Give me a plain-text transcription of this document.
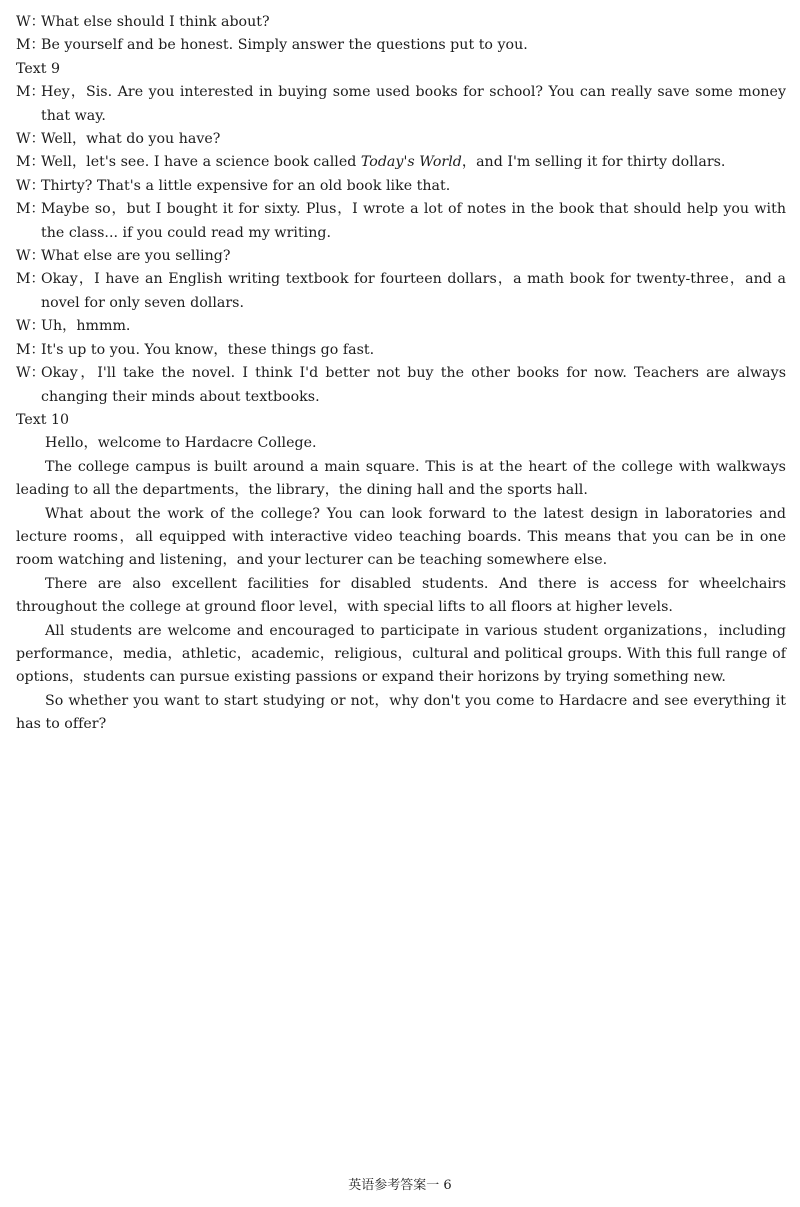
W：What else should I think about?
M：Be yourself and be honest. Simply answer the questions put to you.
Text 9
M：Hey，Sis. Are you interested in buying some used books for school? You can really save some money that way.
W：Well，what do you have?
M：Well，let's see. I have a science book called Today's World，and I'm selling it for thirty dollars.
W：Thirty? That's a little expensive for an old book like that.
M：Maybe so，but I bought it for sixty. Plus，I wrote a lot of notes in the book that should help you with the class... if you could read my writing.
W：What else are you selling?
M：Okay，I have an English writing textbook for fourteen dollars，a math book for twenty-three，and a novel for only seven dollars.
W：Uh，hmmm.
M：It's up to you. You know，these things go fast.
W：Okay，I'll take the novel. I think I'd better not buy the other books for now. Teachers are always changing their minds about textbooks.
Text 10
Hello，welcome to Hardacre College.
The college campus is built around a main square. This is at the heart of the college with walkways leading to all the departments，the library，the dining hall and the sports hall.
What about the work of the college? You can look forward to the latest design in laboratories and lecture rooms，all equipped with interactive video teaching boards. This means that you can be in one room watching and listening，and your lecturer can be teaching somewhere else.
There are also excellent facilities for disabled students. And there is access for wheelchairs throughout the college at ground floor level，with special lifts to all floors at higher levels.
All students are welcome and encouraged to participate in various student organizations，including performance，media，athletic，academic，religious，cultural and political groups. With this full range of options，students can pursue existing passions or expand their horizons by trying something new.
So whether you want to start studying or not，why don't you come to Hardacre and see everything it has to offer?
英语参考答案一 6
